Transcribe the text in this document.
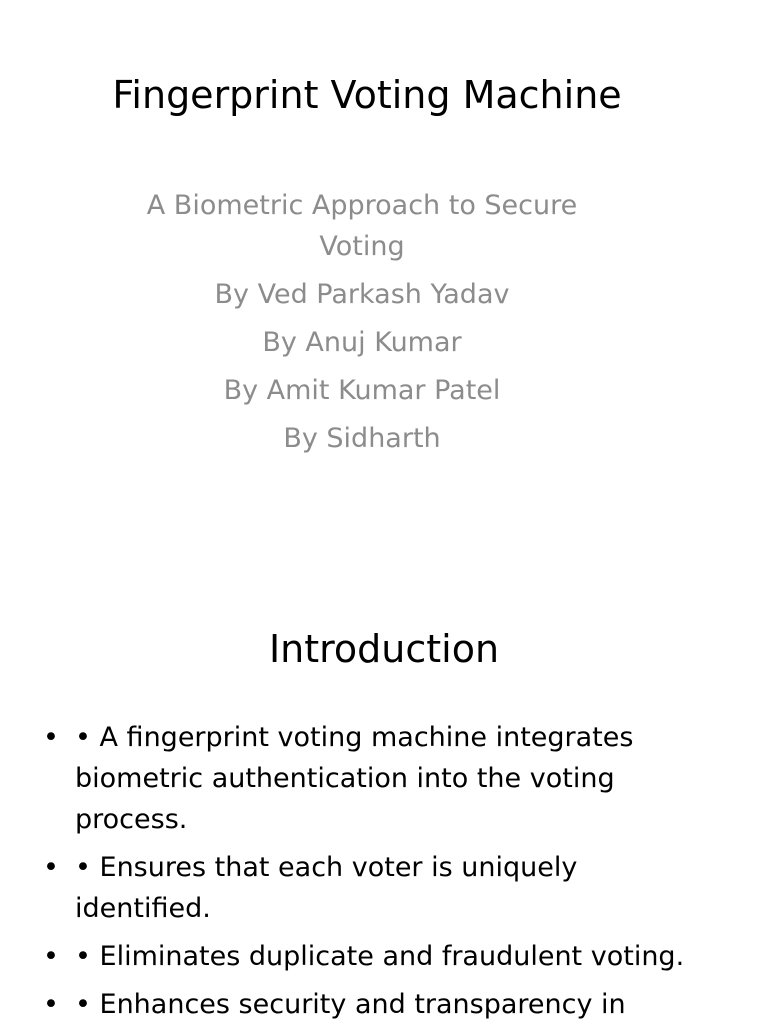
Fingerprint Voting Machine
A Biometric Approach to Secure Voting
By Ved Parkash Yadav
By Anuj Kumar
By Amit Kumar Patel
By Sidharth
Introduction
• • A fingerprint voting machine integrates biometric authentication into the voting process.
• • Ensures that each voter is uniquely identified.
• • Eliminates duplicate and fraudulent voting.
• • Enhances security and transparency in
